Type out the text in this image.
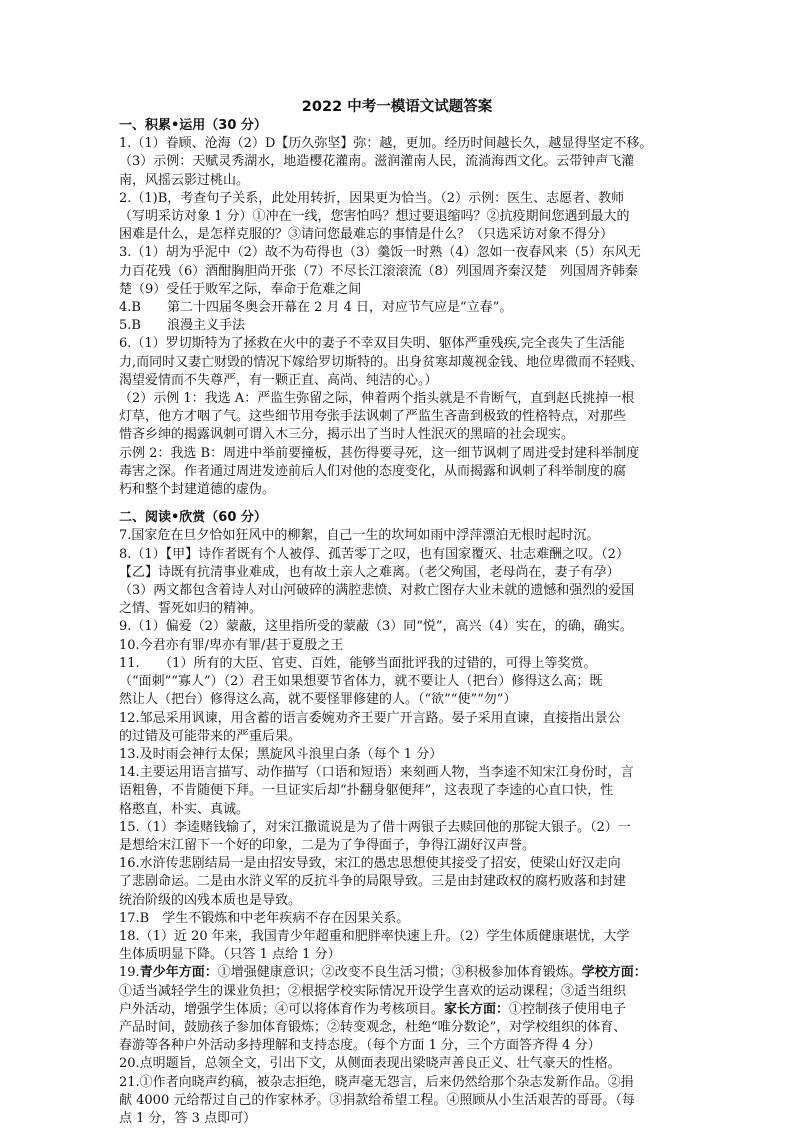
2022 中考一模语文试题答案

一、积累•运用（30 分）

1.（1）眷顾、沧海（2）D【历久弥坚】弥：越，更加。经历时间越长久，越显得坚定不移。

（3）示例：天赋灵秀湖水，地造樱花灌南。滋润灌南人民，流淌海西文化。云带钟声飞灌

南，风摇云影过桃山。

2.（1)B，考查句子关系，此处用转折，因果更为恰当。（2）示例：医生、志愿者、教师

（写明采访对象 1 分）①冲在一线，您害怕吗？想过要退缩吗？②抗疫期间您遇到最大的

困难是什么，是怎样克服的？③请问您最难忘的事情是什么？（只选采访对象不得分）

3.（1）胡为乎泥中（2）故不为苟得也（3）羹饭一时熟（4）忽如一夜春风来（5）东风无

力百花残（6）酒酣胸胆尚开张（7）不尽长江滚滚流（8）列国周齐秦汉楚　列国周齐韩秦

楚（9）受任于败军之际，奉命于危难之间

4.B　　第二十四届冬奥会开幕在 2 月 4 日，对应节气应是“立春”。

5.B　　浪漫主义手法

6.（1）罗切斯特为了拯救在火中的妻子不幸双目失明、躯体严重残疾,完全丧失了生活能

力,而同时又妻亡财毁的情况下嫁给罗切斯特的。出身贫寒却蔑视金钱、地位卑微而不轻贱、

渴望爱情而不失尊严，有一颗正直、高尚、纯洁的心。）

（2）示例 1：我选 A：严监生弥留之际，伸着两个指头就是不肯断气，直到赵氏挑掉一根

灯草，他方才咽了气。这些细节用夸张手法讽刺了严监生吝啬到极致的性格特点，对那些

惜吝乡绅的揭露讽刺可谓入木三分，揭示出了当时人性泯灭的黑暗的社会现实。

示例 2：我选 B：周进中举前要撞板，甚伤得要寻死，这一细节讽刺了周进受封建科举制度

毒害之深。作者通过周进发迹前后人们对他的态度变化，从而揭露和讽刺了科举制度的腐

朽和整个封建道德的虚伪。

二、阅读•欣赏（60 分）

7.国家危在旦夕恰如狂风中的柳絮，自己一生的坎坷如雨中浮萍漂泊无根时起时沉。

8.（1）【甲】诗作者既有个人被俘、孤苦零丁之叹，也有国家覆灭、壮志难酬之叹。（2）

【乙】诗既有抗清事业难成，也有故土亲人之难离。（老父殉国，老母尚在，妻子有孕）

（3）两文都包含着诗人对山河破碎的满腔悲愤、对救亡图存大业未就的遗憾和强烈的爱国

之情、誓死如归的精神。

9.（1）偏爱（2）蒙蔽，这里指所受的蒙蔽（3）同“悦”，高兴（4）实在，的确，确实。

10.今君亦有罪/卑亦有罪/甚于夏殷之王

11.　　（1）所有的大臣、官吏、百姓，能够当面批评我的过错的，可得上等奖赏。

（“面刺”“寡人”）（2）君王如果想要节省体力，就不要让人（把台）修得这么高；既

然让人（把台）修得这么高，就不要怪罪修建的人。（“欲”“使”“勿”）

12.邹忌采用讽谏，用含蓄的语言委婉劝齐王要广开言路。晏子采用直谏，直接指出景公

的过错及可能带来的严重后果。

13.及时雨会神行太保；黑旋风斗浪里白条（每个 1 分）

14.主要运用语言描写、动作描写（口语和短语）来刻画人物，当李逵不知宋江身份时，言

语粗鲁，不肯随便下拜。一旦证实后却“扑翻身躯便拜”，这表现了李逵的心直口快，性

格憨直，朴实、真诚。

15.（1）李逵赌钱输了，对宋江撒谎说是为了借十两银子去赎回他的那锭大银子。（2）一

是想给宋江留下一个好的印象，二是为了争得面子，争得江湖好汉声誉。

16.水浒传悲剧结局一是由招安导致，宋江的愚忠思想使其接受了招安，使梁山好汉走向

了悲剧命运。二是由水浒义军的反抗斗争的局限导致。三是由封建政权的腐朽败落和封建

统治阶级的凶残本质也是导致。

17.B　学生不锻炼和中老年疾病不存在因果关系。

18.（1）近 20 年来，我国青少年超重和肥胖率快速上升。（2）学生体质健康堪忧，大学

生体质明显下降。（只答 1 点给 1 分）

19.青少年方面：①增强健康意识；②改变不良生活习惯；③积极参加体育锻炼。学校方面：

①适当减轻学生的课业负担；②根据学校实际情况开设学生喜欢的运动课程；③适当组织

户外活动，增强学生体质；④可以将体育作为考核项目。家长方面：①控制孩子使用电子

产品时间，鼓励孩子参加体育锻炼；②转变观念，杜绝“唯分数论”，对学校组织的体育、

春游等各种户外活动多持理解和支持态度。（每个方面 1 分，三个方面答齐得 4 分）

20.点明题旨，总领全文，引出下文，从侧面表现出梁晓声善良正义、壮气豪天的性格。

21.①作者向晓声约稿，被杂志拒绝，晓声毫无怨言，后来仍然给那个杂志发新作品。②捐

献 4000 元给帮过自己的作家林矛。③捐款给希望工程。④照顾从小生活艰苦的哥哥。（每

点 1 分，答 3 点即可）
